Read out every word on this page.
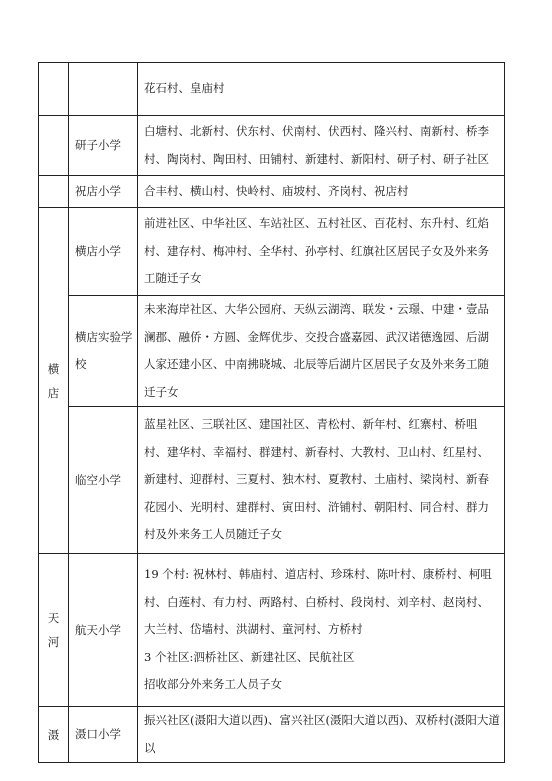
		花石村、皇庙村

	研子小学	白塘村、北新村、伏东村、伏南村、伏西村、隆兴村、南新村、桥李村、陶岗村、陶田村、田铺村、新建村、新阳村、研子村、研子社区

	祝店小学	合丰村、横山村、快岭村、庙坡村、齐岗村、祝店村

横
店	横店小学	前进社区、中华社区、车站社区、五村社区、百花村、东升村、红焰村、建存村、梅冲村、全华村、孙亭村、红旗社区居民子女及外来务工随迁子女

	横店实验学校	未来海岸社区、大华公园府、天纵云湖湾、联发・云璟、中建・壹品澜郡、融侨・方圆、金辉优步、交投合盛嘉园、武汉诺德逸园、后湖人家还建小区、中南拂晓城、北辰等后湖片区居民子女及外来务工随迁子女

	临空小学	蓝星社区、三联社区、建国社区、青松村、新年村、红寨村、桥咀村、建华村、幸福村、群建村、新春村、大教村、卫山村、红星村、新建村、迎群村、三夏村、独木村、夏教村、土庙村、梁岗村、新春花园小、光明村、建群村、寅田村、浒铺村、朝阳村、同合村、群力村及外来务工人员随迁子女

天
河	航天小学	19 个村: 祝林村、韩庙村、道店村、珍珠村、陈叶村、康桥村、柯咀村、白莲村、有力村、两路村、白桥村、段岗村、刘辛村、赵岗村、大兰村、岱墙村、洪湖村、童河村、方桥村
3 个社区:泗桥社区、新建社区、民航社区
招收部分外来务工人员子女

滠	滠口小学	振兴社区(滠阳大道以西)、富兴社区(滠阳大道以西)、双桥村(滠阳大道以
